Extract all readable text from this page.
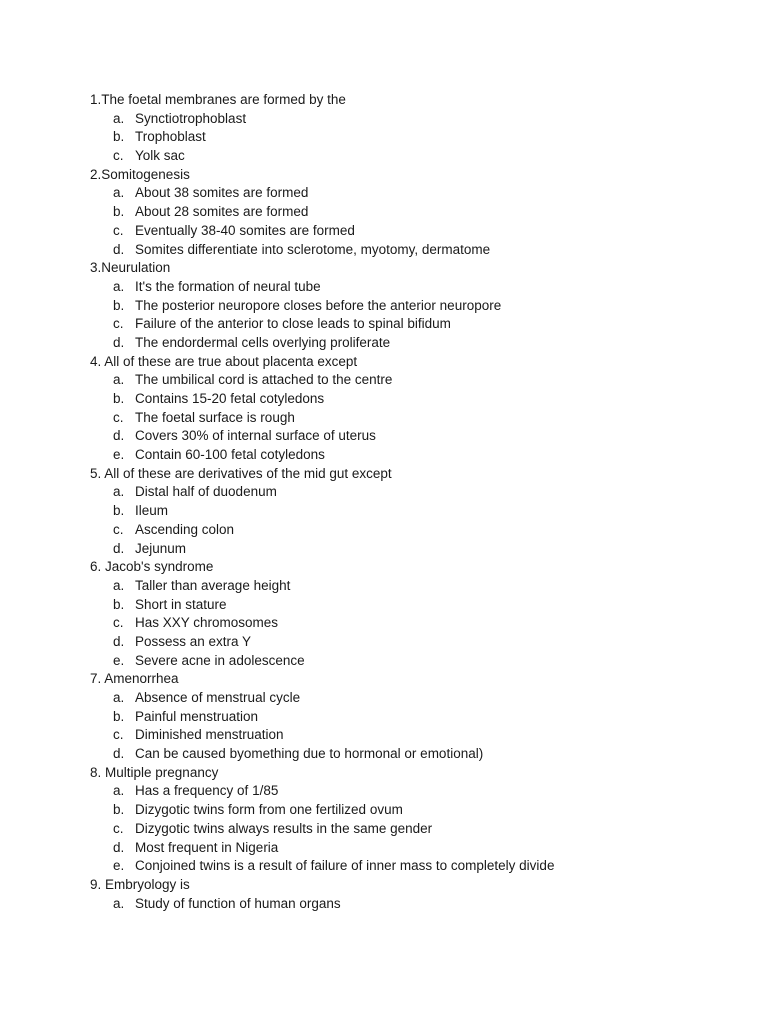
1.The foetal membranes are formed by the
a. Synctiotrophoblast
b. Trophoblast
c. Yolk sac
2.Somitogenesis
a. About 38 somites are formed
b. About 28 somites are formed
c. Eventually 38-40 somites are formed
d. Somites differentiate into sclerotome, myotomy, dermatome
3.Neurulation
a. It's the formation of neural tube
b. The posterior neuropore closes before the anterior neuropore
c. Failure of the anterior to close leads to spinal bifidum
d. The endordermal cells overlying proliferate
4. All of these are true about placenta except
a. The umbilical cord is attached to the centre
b. Contains 15-20 fetal cotyledons
c. The foetal surface is rough
d. Covers 30% of internal surface of uterus
e. Contain 60-100 fetal cotyledons
5. All of these are derivatives of the mid gut except
a. Distal half of duodenum
b. Ileum
c. Ascending colon
d. Jejunum
6. Jacob's syndrome
a. Taller than average height
b. Short in stature
c. Has XXY chromosomes
d. Possess an extra Y
e. Severe acne in adolescence
7. Amenorrhea
a. Absence of menstrual cycle
b. Painful menstruation
c. Diminished menstruation
d. Can be caused byomething due to hormonal or emotional)
8. Multiple pregnancy
a. Has a frequency of 1/85
b. Dizygotic twins form from one fertilized ovum
c. Dizygotic twins always results in the same gender
d. Most frequent in Nigeria
e. Conjoined twins is a result of failure of inner mass to completely divide
9. Embryology is
a. Study of function of human organs
